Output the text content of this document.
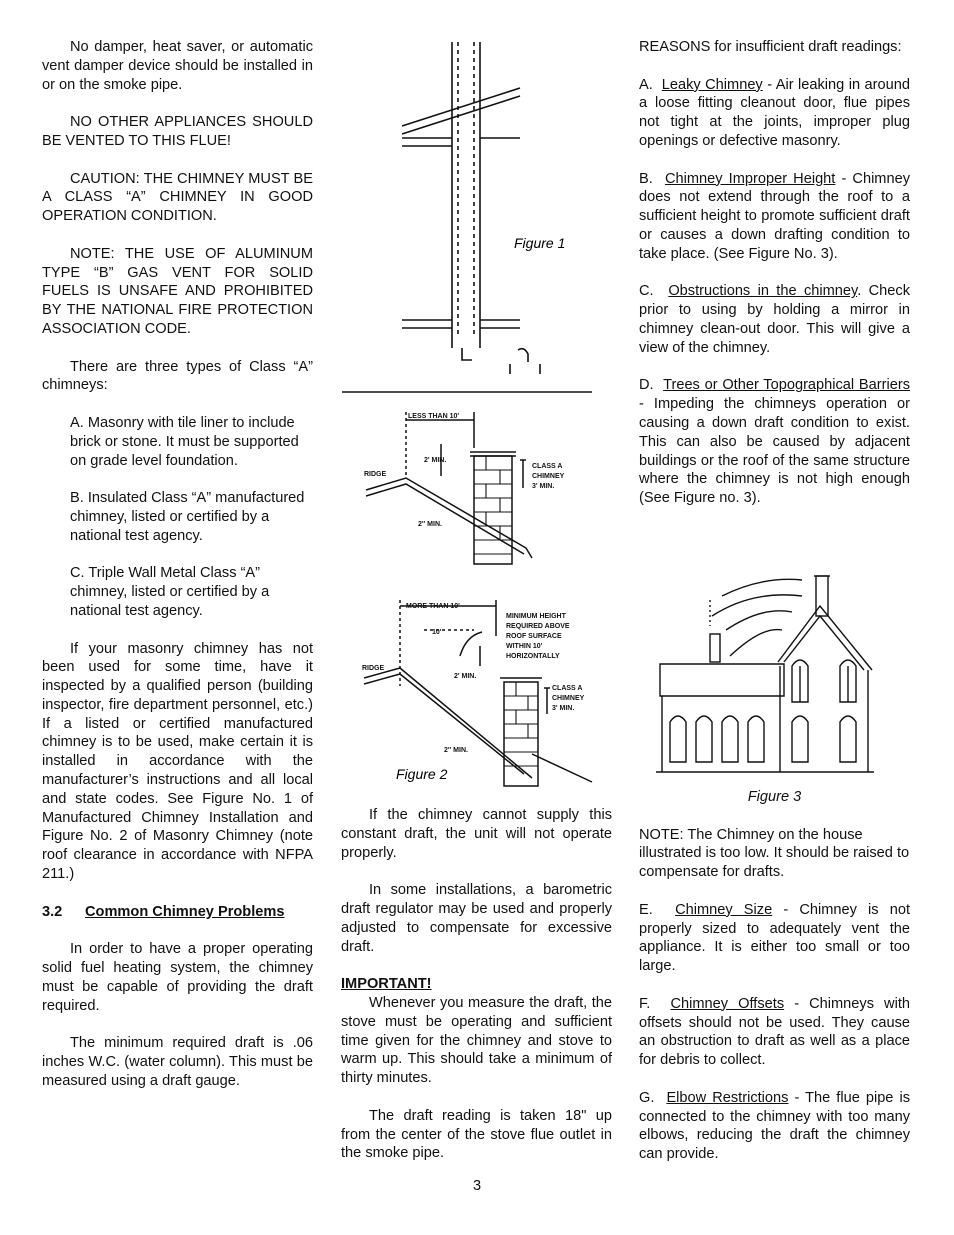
No damper, heat saver, or automatic vent damper device should be installed in or on the smoke pipe.

NO OTHER APPLIANCES SHOULD BE VENTED TO THIS FLUE!

CAUTION: THE CHIMNEY MUST BE A CLASS “A” CHIMNEY IN GOOD OPERATION CONDITION.

NOTE: THE USE OF ALUMINUM TYPE “B” GAS VENT FOR SOLID FUELS IS UNSAFE AND PROHIBITED BY THE NATIONAL FIRE PROTECTION ASSOCIATION CODE.

There are three types of Class “A” chimneys:

A. Masonry with tile liner to include brick or stone. It must be supported on grade level foundation.

B. Insulated Class “A” manufactured chimney, listed or certified by a national test agency.

C. Triple Wall Metal Class “A” chimney, listed or certified by a national test agency.

If your masonry chimney has not been used for some time, have it inspected by a qualified person (building inspector, fire department personnel, etc.) If a listed or certified manufactured chimney is to be used, make certain it is installed in accordance with the manufacturer’s instructions and all local and state codes. See Figure No. 1 of Manufactured Chimney Installation and Figure No. 2 of Masonry Chimney (note roof clearance in accordance with NFPA 211.)

3.2 Common Chimney Problems

In order to have a proper operating solid fuel heating system, the chimney must be capable of providing the draft required.

The minimum required draft is .06 inches W.C. (water column). This must be measured using a draft gauge.

Figure 1
LESS THAN 10'
2' MIN.
RIDGE
CLASS A
CHIMNEY
3' MIN.
2'' MIN.
MORE THAN 10'
10'
MINIMUM HEIGHT
REQUIRED ABOVE
ROOF SURFACE
WITHIN 10'
HORIZONTALLY
RIDGE
2' MIN.
CLASS A
CHIMNEY
3' MIN.
2'' MIN.
Figure 2

If the chimney cannot supply this constant draft, the unit will not operate properly.

In some installations, a barometric draft regulator may be used and properly adjusted to compensate for excessive draft.

IMPORTANT!

Whenever you measure the draft, the stove must be operating and sufficient time given for the chimney and stove to warm up. This should take a minimum of thirty minutes.

The draft reading is taken 18" up from the center of the stove flue outlet in the smoke pipe.

REASONS for insufficient draft readings:

A. Leaky Chimney - Air leaking in around a loose fitting cleanout door, flue pipes not tight at the joints, improper plug openings or defective masonry.

B. Chimney Improper Height - Chimney does not extend through the roof to a sufficient height to promote sufficient draft or causes a down drafting condition to take place. (See Figure No. 3).

C. Obstructions in the chimney. Check prior to using by holding a mirror in chimney clean-out door. This will give a view of the chimney.

D. Trees or Other Topographical Barriers - Impeding the chimneys operation or causing a down draft condition to exist. This can also be caused by adjacent buildings or the roof of the same structure where the chimney is not high enough (See Figure no. 3).

Figure 3

NOTE: The Chimney on the house illustrated is too low. It should be raised to compensate for drafts.

E. Chimney Size - Chimney is not properly sized to adequately vent the appliance. It is either too small or too large.

F. Chimney Offsets - Chimneys with offsets should not be used. They cause an obstruction to draft as well as a place for debris to collect.

G. Elbow Restrictions - The flue pipe is connected to the chimney with too many elbows, reducing the draft the chimney can provide.

3
